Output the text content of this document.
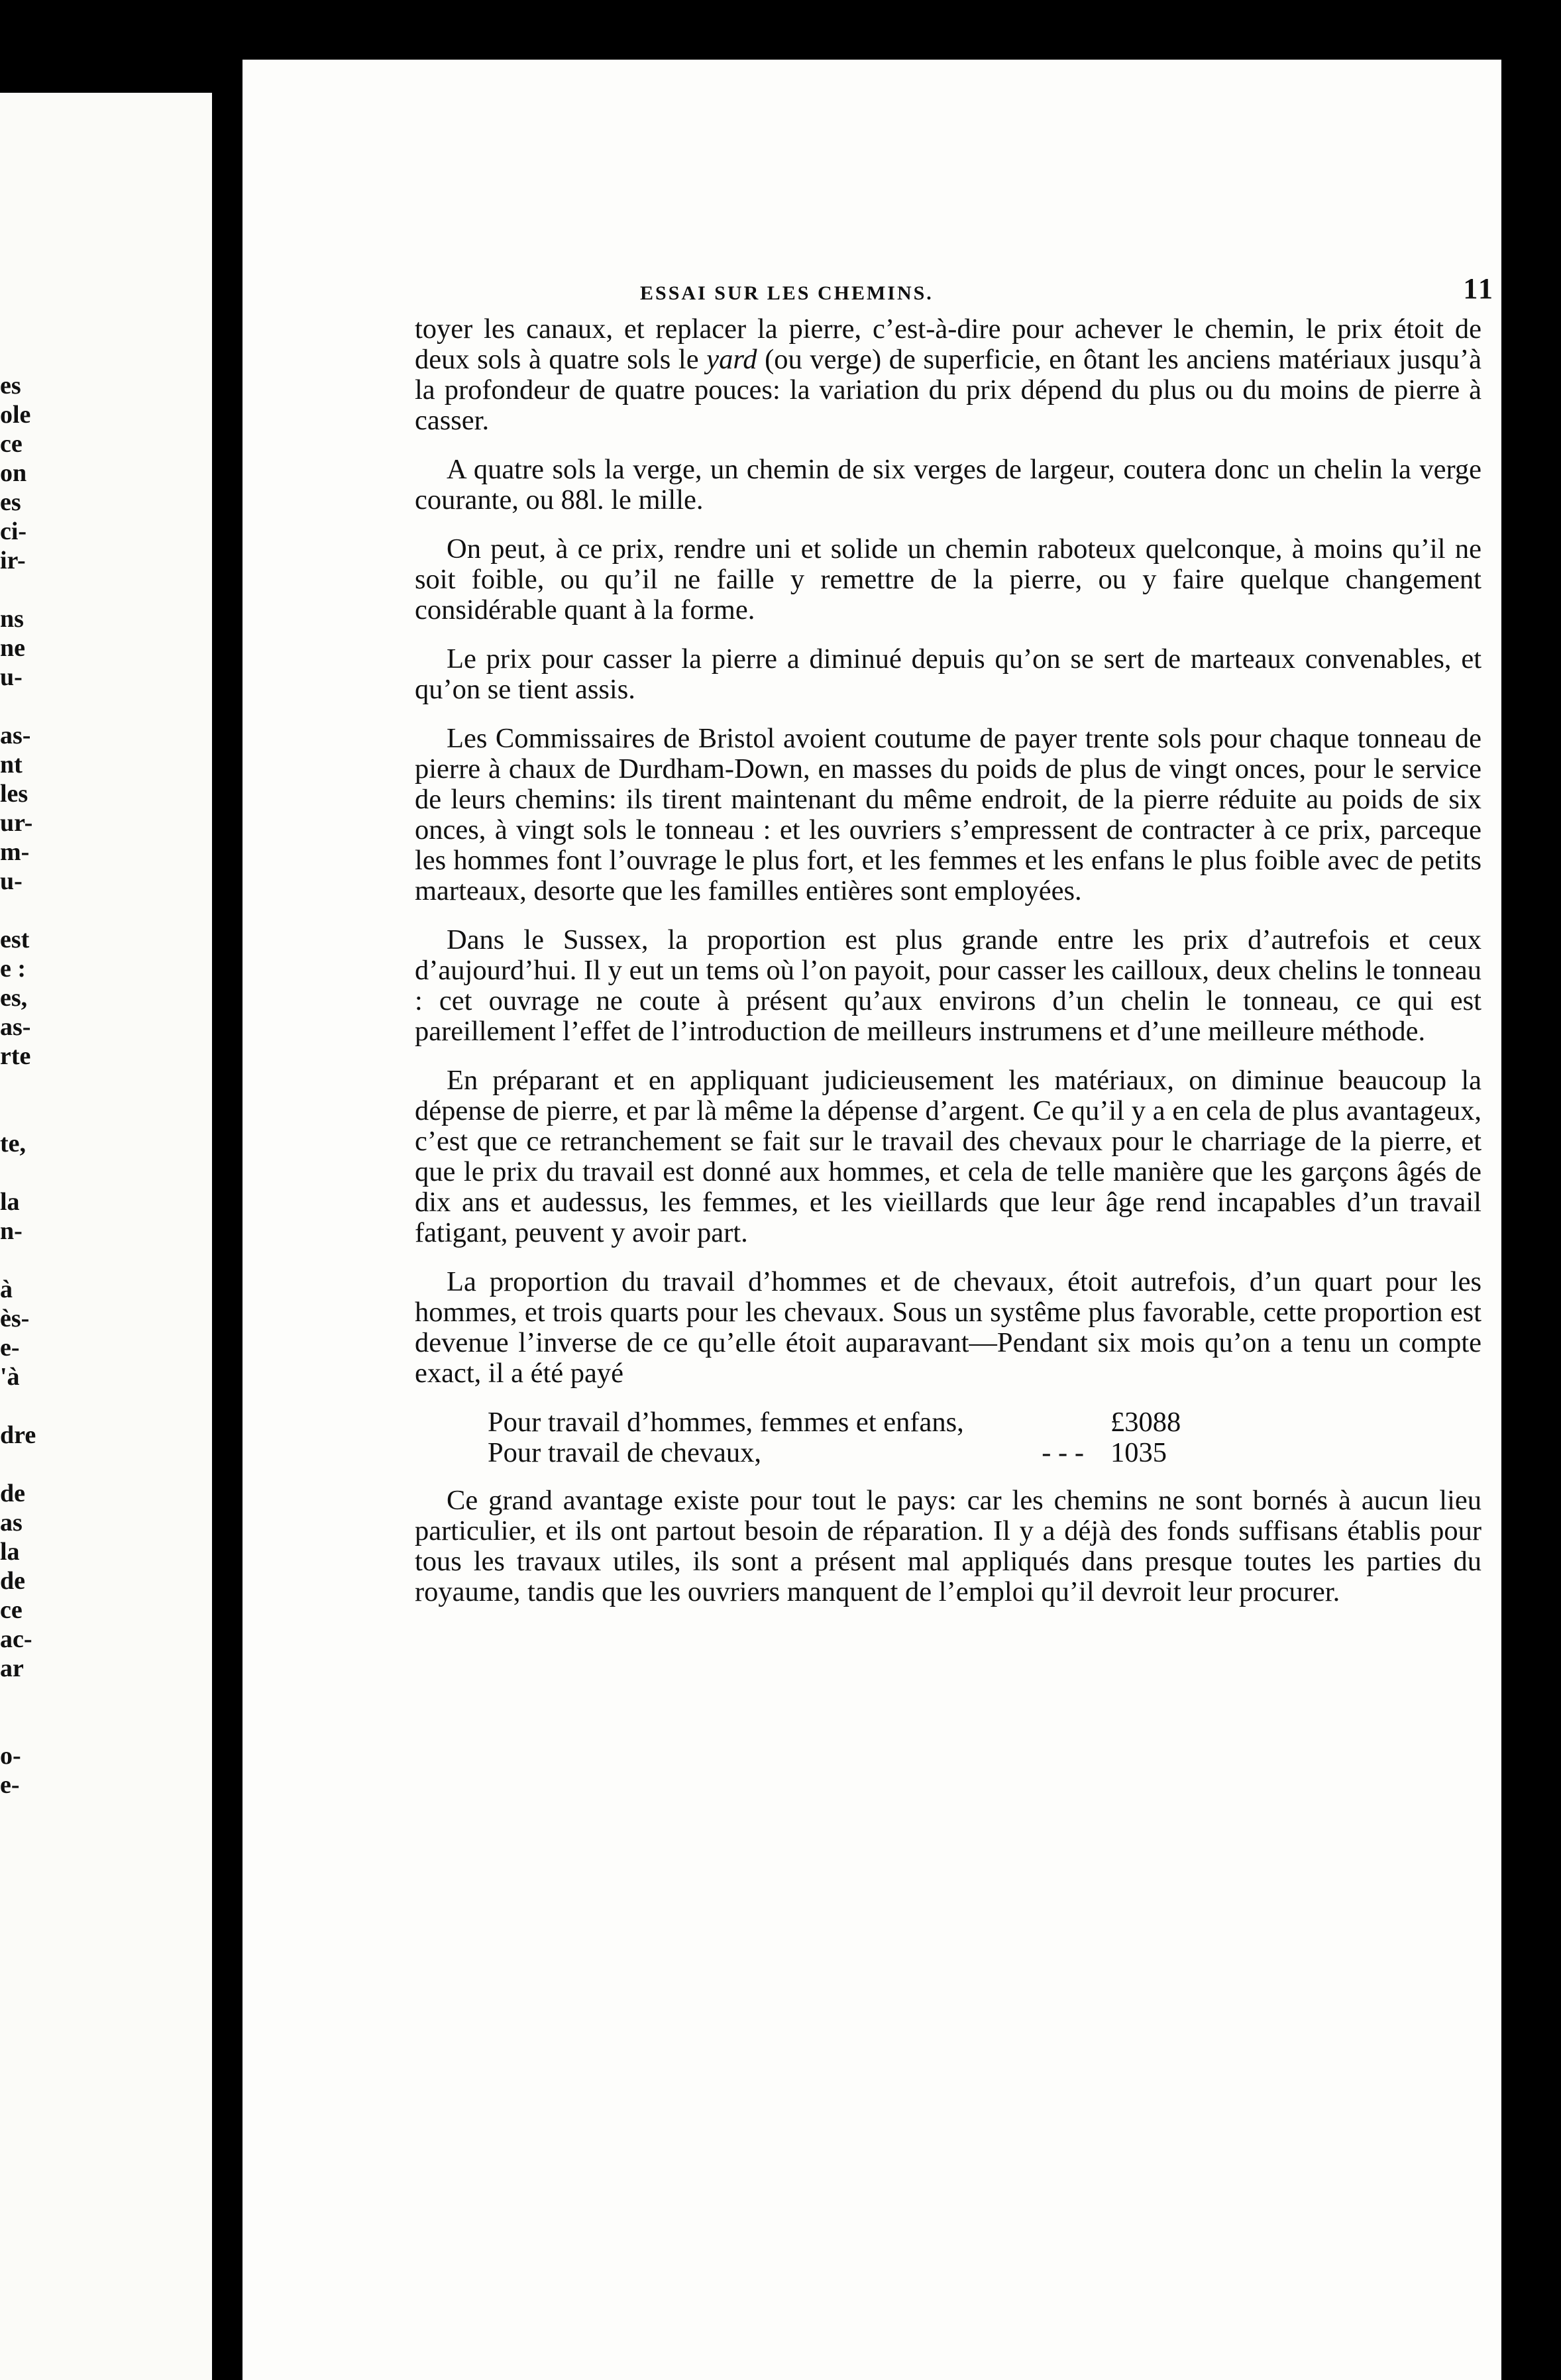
es
ole
ce
on
es
ci-
ir-
ns
ne
u-
as-
nt
les
ur-
m-
u-
est
e :
es,
as-
rte
te,
la
n-
à
ès-
e-
'à
dre
de
as
la
de
ce
ac-
ar
o-
e-
ESSAI SUR LES CHEMINS.	11

toyer les canaux, et replacer la pierre, c’est-à-dire pour achever le chemin, le prix étoit de deux sols à quatre sols le yard (ou verge) de superficie, en ôtant les anciens matériaux jusqu’à la profondeur de quatre pouces: la variation du prix dépend du plus ou du moins de pierre à casser.

A quatre sols la verge, un chemin de six verges de largeur, coutera donc un chelin la verge courante, ou 88l. le mille.

On peut, à ce prix, rendre uni et solide un chemin raboteux quelconque, à moins qu’il ne soit foible, ou qu’il ne faille y remettre de la pierre, ou y faire quelque changement considérable quant à la forme.

Le prix pour casser la pierre a diminué depuis qu’on se sert de marteaux convenables, et qu’on se tient assis.

Les Commissaires de Bristol avoient coutume de payer trente sols pour chaque tonneau de pierre à chaux de Durdham-Down, en masses du poids de plus de vingt onces, pour le service de leurs chemins: ils tirent maintenant du même endroit, de la pierre réduite au poids de six onces, à vingt sols le tonneau : et les ouvriers s’empressent de contracter à ce prix, parceque les hommes font l’ouvrage le plus fort, et les femmes et les enfans le plus foible avec de petits marteaux, desorte que les familles entières sont employées.

Dans le Sussex, la proportion est plus grande entre les prix d’autrefois et ceux d’aujourd’hui. Il y eut un tems où l’on payoit, pour casser les cailloux, deux chelins le tonneau : cet ouvrage ne coute à présent qu’aux environs d’un chelin le tonneau, ce qui est pareillement l’effet de l’introduction de meilleurs instrumens et d’une meilleure méthode.

En préparant et en appliquant judicieusement les matériaux, on diminue beaucoup la dépense de pierre, et par là même la dépense d’argent. Ce qu’il y a en cela de plus avantageux, c’est que ce retranchement se fait sur le travail des chevaux pour le charriage de la pierre, et que le prix du travail est donné aux hommes, et cela de telle manière que les garçons âgés de dix ans et audessus, les femmes, et les vieillards que leur âge rend incapables d’un travail fatigant, peuvent y avoir part.

La proportion du travail d’hommes et de chevaux, étoit autrefois, d’un quart pour les hommes, et trois quarts pour les chevaux. Sous un systême plus favorable, cette proportion est devenue l’inverse de ce qu’elle étoit auparavant—Pendant six mois qu’on a tenu un compte exact, il a été payé

Pour travail d’hommes, femmes et enfans,	£3088
Pour travail de chevaux,	- - - 1035

Ce grand avantage existe pour tout le pays: car les chemins ne sont bornés à aucun lieu particulier, et ils ont partout besoin de réparation. Il y a déjà des fonds suffisans établis pour tous les travaux utiles, ils sont a présent mal appliqués dans presque toutes les parties du royaume, tandis que les ouvriers manquent de l’emploi qu’il devroit leur procurer.
